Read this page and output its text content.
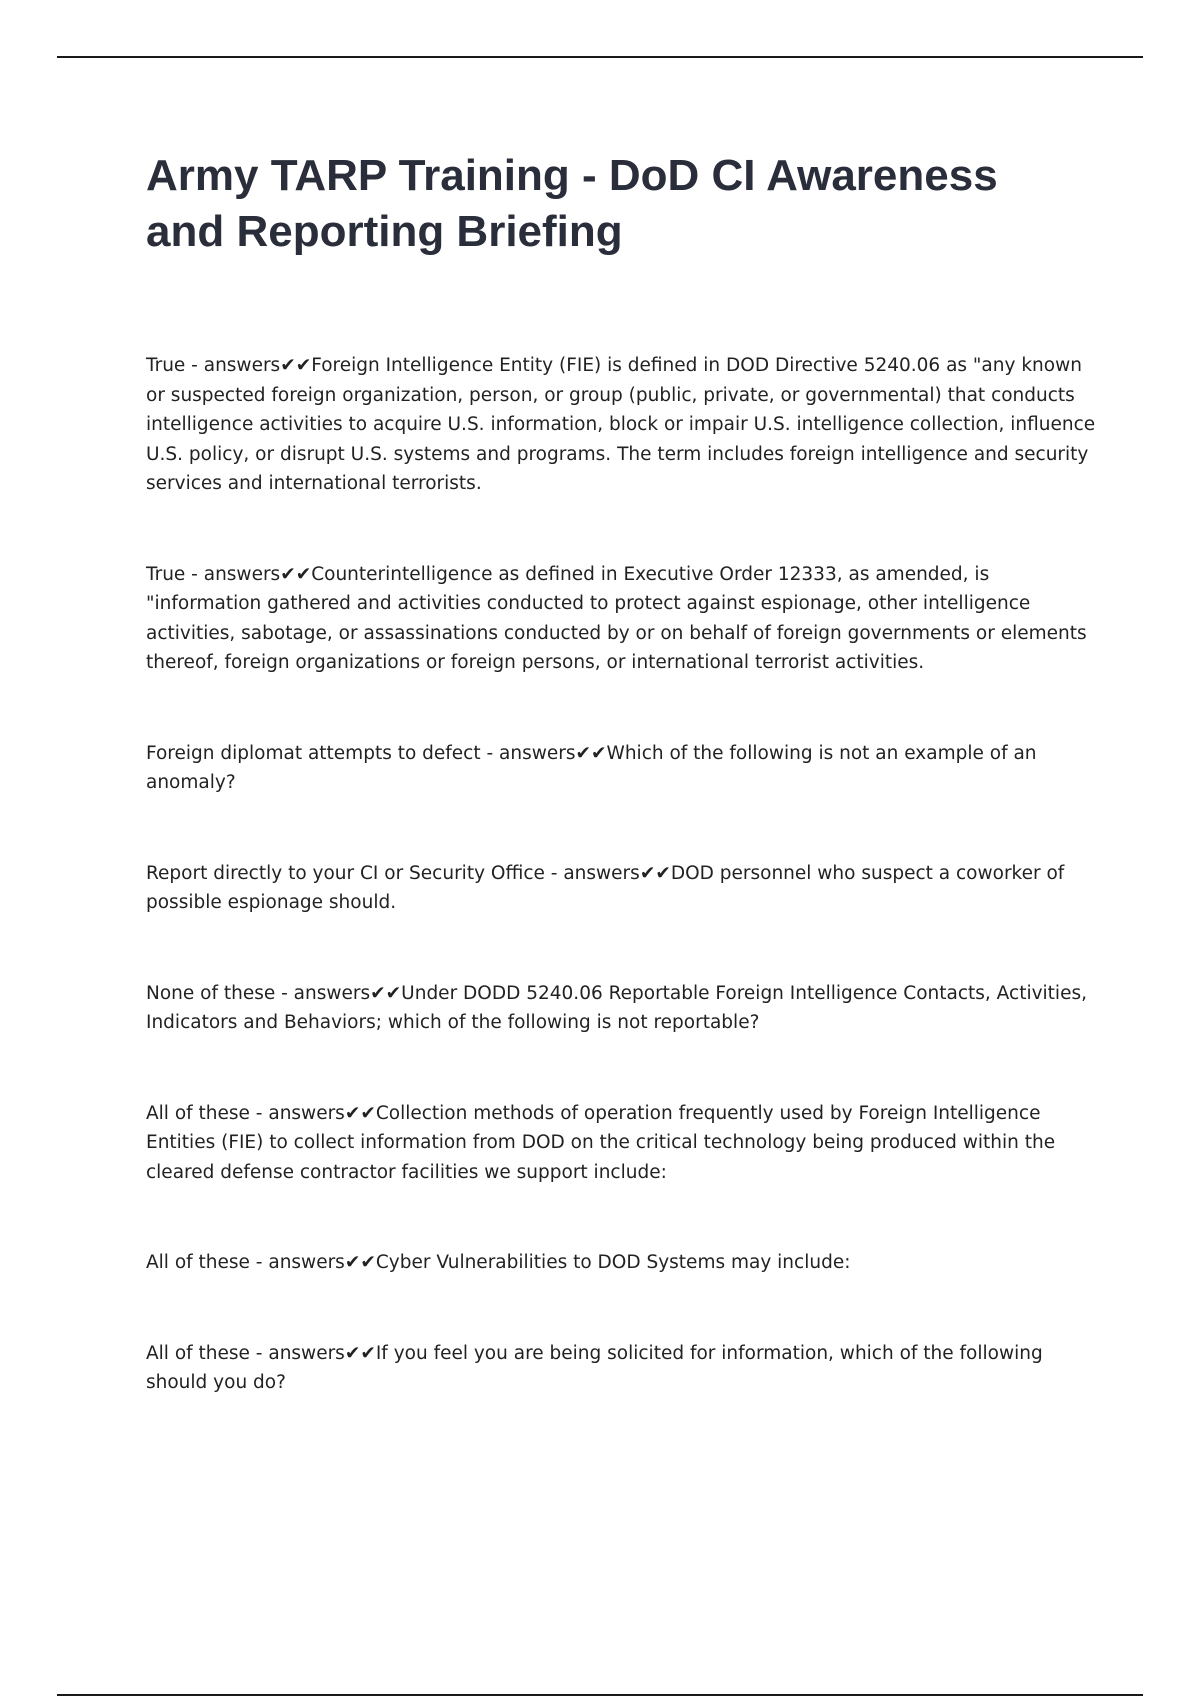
Army TARP Training - DoD CI Awareness and Reporting Briefing

True - answers✔✔Foreign Intelligence Entity (FIE) is defined in DOD Directive 5240.06 as "any known or suspected foreign organization, person, or group (public, private, or governmental) that conducts intelligence activities to acquire U.S. information, block or impair U.S. intelligence collection, influence U.S. policy, or disrupt U.S. systems and programs. The term includes foreign intelligence and security services and international terrorists.

True - answers✔✔Counterintelligence as defined in Executive Order 12333, as amended, is "information gathered and activities conducted to protect against espionage, other intelligence activities, sabotage, or assassinations conducted by or on behalf of foreign governments or elements thereof, foreign organizations or foreign persons, or international terrorist activities.

Foreign diplomat attempts to defect - answers✔✔Which of the following is not an example of an anomaly?

Report directly to your CI or Security Office - answers✔✔DOD personnel who suspect a coworker of possible espionage should.

None of these - answers✔✔Under DODD 5240.06 Reportable Foreign Intelligence Contacts, Activities, Indicators and Behaviors; which of the following is not reportable?

All of these - answers✔✔Collection methods of operation frequently used by Foreign Intelligence Entities (FIE) to collect information from DOD on the critical technology being produced within the cleared defense contractor facilities we support include:

All of these - answers✔✔Cyber Vulnerabilities to DOD Systems may include:

All of these - answers✔✔If you feel you are being solicited for information, which of the following should you do?
